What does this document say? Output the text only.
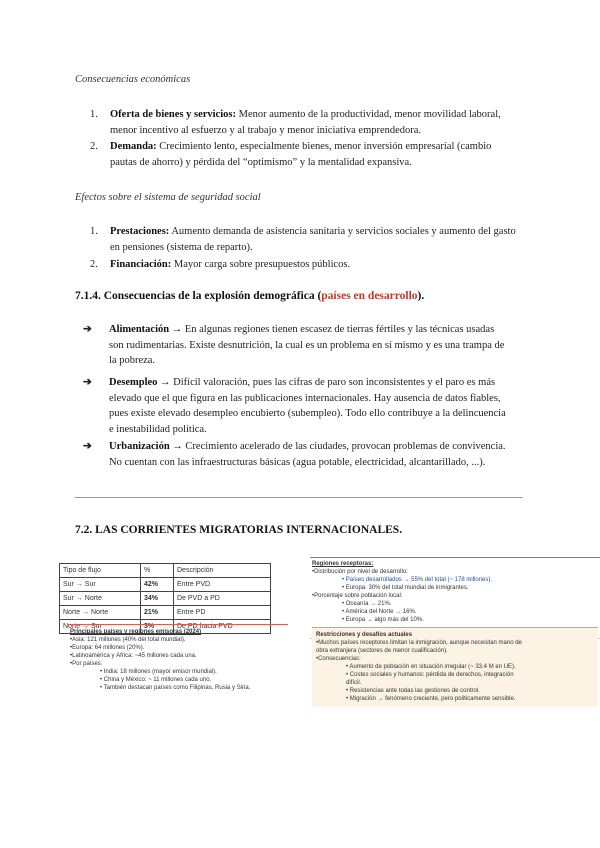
Consecuencias económicas
1. Oferta de bienes y servicios: Menor aumento de la productividad, menor movilidad laboral, menor incentivo al esfuerzo y al trabajo y menor iniciativa emprendedora.
2. Demanda: Crecimiento lento, especialmente bienes, menor inversión empresarial (cambio pautas de ahorro) y pérdida del “optimismo” y la mentalidad expansiva.
Efectos sobre el sistema de seguridad social
1. Prestaciones: Aumento demanda de asistencia sanitaria y servicios sociales y aumento del gasto en pensiones (sistema de reparto).
2. Financiación: Mayor carga sobre presupuestos públicos.
7.1.4. Consecuencias de la explosión demográfica (países en desarrollo).
➔ Alimentación → En algunas regiones tienen escasez de tierras fértiles y las técnicas usadas son rudimentarias. Existe desnutrición, la cual es un problema en sí mismo y es una trampa de la pobreza.
➔ Desempleo → Difícil valoración, pues las cifras de paro son inconsistentes y el paro es más elevado que el que figura en las publicaciones internacionales. Hay ausencia de datos fiables, pues existe elevado desempleo encubierto (subempleo). Todo ello contribuye a la delincuencia e inestabilidad política.
➔ Urbanización → Crecimiento acelerado de las ciudades, provocan problemas de convivencia. No cuentan con las infraestructuras básicas (agua potable, electricidad, alcantarillado, ...).
7.2. LAS CORRIENTES MIGRATORIAS INTERNACIONALES.
Tipo de flujo	%	Descripción
Sur → Sur	42%	Entre PVD
Sur → Norte	34%	De PVD a PD
Norte → Norte	21%	Entre PD
Norte → Sur	3%	De PD hacia PVD
Regiones receptoras:
•Distribución por nivel de desarrollo:
• Países desarrollados → 55% del total (~ 178 millones).
• Europa: 30% del total mundial de inmigrantes.
•Porcentaje sobre población local:
• Oceanía → 21%.
• América del Norte → 16%.
• Europa → algo más del 10%.
Principales países y regiones emisoras (2024)
•Asia: 121 millones (40% del total mundial).
•Europa: 64 millones (20%).
•Latinoamérica y África: ~45 millones cada una.
•Por países:
• India: 18 millones (mayor emisor mundial).
• China y México: ~ 11 millones cada uno.
• También destacan países como Filipinas, Rusia y Siria.
Restricciones y desafíos actuales
•Muchos países receptores limitan la inmigración, aunque necesitan mano de
obra extranjera (sectores de menor cualificación).
•Consecuencias:
• Aumento de población en situación irregular (~ 33.4 M en UE).
• Costes sociales y humanos: pérdida de derechos, integración
difícil.
• Resistencias ante todas las gestiones de control.
• Migración → fenómeno creciente, pero politicamente sensible.
